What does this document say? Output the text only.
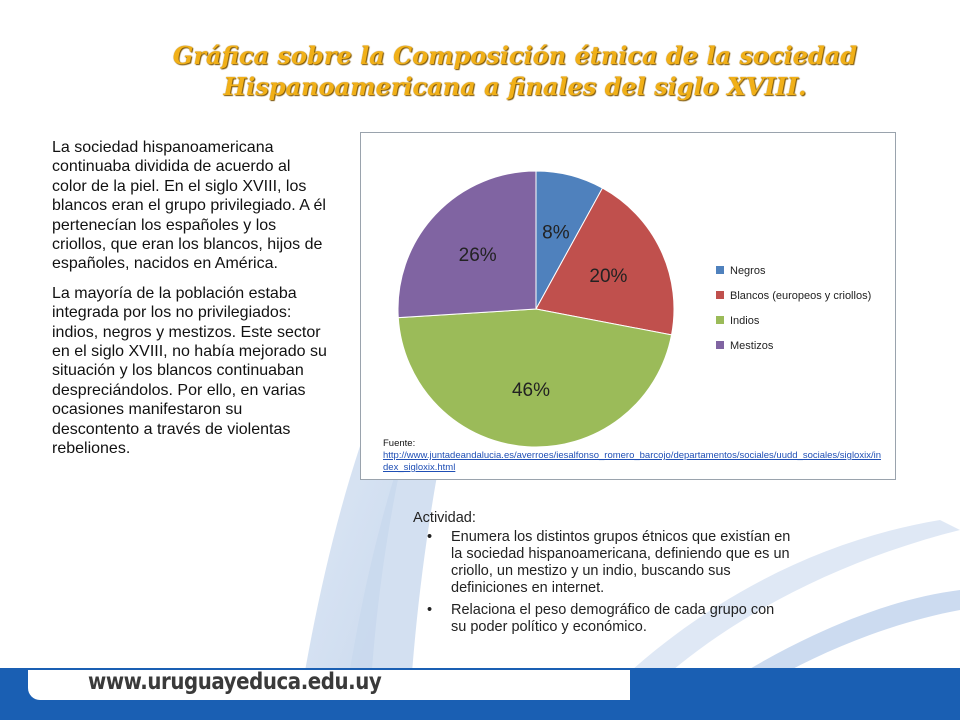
Gráfica sobre la Composición étnica de la sociedad
Hispanoamericana a finales del siglo XVIII.

La sociedad hispanoamericana continuaba dividida de acuerdo al color de la piel. En el siglo XVIII, los blancos eran el grupo privilegiado. A él pertenecían los españoles y los criollos, que eran los blancos, hijos de españoles, nacidos en América.

La mayoría de la población estaba integrada por los no privilegiados: indios, negros y mestizos. Este sector en el siglo XVIII, no había mejorado su situación y los blancos continuaban despreciándolos. Por ello, en varias ocasiones manifestaron su descontento a través de violentas rebeliones.

8%
20%
46%
26%
Negros
Blancos (europeos y criollos)
Indios
Mestizos
Fuente:
http://www.juntadeandalucia.es/averroes/iesalfonso_romero_barcojo/departamentos/sociales/uudd_sociales/sigloxix/index_sigloxix.html
Actividad:
• Enumera los distintos grupos étnicos que existían en la sociedad hispanoamericana, definiendo que es un criollo, un mestizo y un indio, buscando sus definiciones en internet.
• Relaciona el peso demográfico de cada grupo con su poder político y económico.
www.uruguayeduca.edu.uy
